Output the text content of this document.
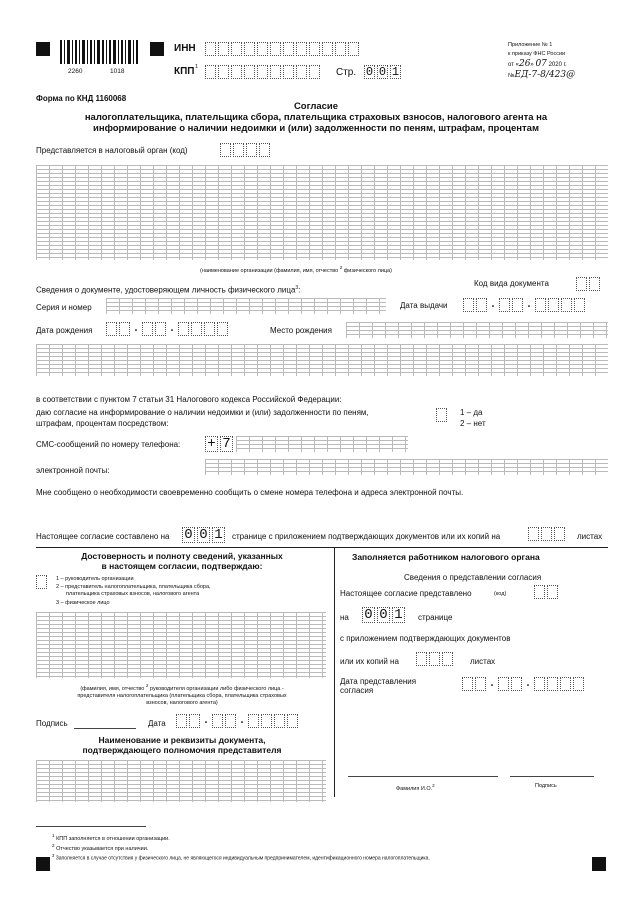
2260	1018
ИНН
КПП 1	Стр. 0 0 1
Приложение № 1
к приказу ФНС России
от «26» 07 2020 г.
№ЕД-7-8/423@
Форма по КНД 1160068
Согласие
налогоплательщика, плательщика сбора, плательщика страховых взносов, налогового агента на
информирование о наличии недоимки и (или) задолженности по пеням, штрафам, процентам
Представляется в налоговый орган (код)
(наименование организации (фамилия, имя, отчество $^2$ физического лица)
Сведения о документе, удостоверяющем личность физического лица$^3$:
Код вида документа
Серия и номер	Дата выдачи	. .
Дата рождения	. .	Место рождения
в соответствии с пунктом 7 статьи 31 Налогового кодекса Российской Федерации:
даю согласие на информирование о наличии недоимки и (или) задолженности по пеням,
штрафам, процентам посредством:
1 – да
2 – нет
СМС-сообщений по номеру телефона: + 7
электронной почты:
Мне сообщено о необходимости своевременно сообщить о смене номера телефона и адреса электронной почты.
Настоящее согласие составлено на 0 0 1 странице с приложением подтверждающих документов или их копий на	листах
Достоверность и полноту сведений, указанных
в настоящем согласии, подтверждаю:
1 – руководитель организации
2 – представитель налогоплательщика, плательщика сбора,
плательщика страховых взносов, налогового агента
3 – физическое лицо
(фамилия, имя, отчество $^2$ руководителя организации либо физического лица -
представителя налогоплательщика (плательщика сбора, плательщика страховых
взносов, налогового агента)
Подпись	Дата	. .
Наименование и реквизиты документа,
подтверждающего полномочия представителя
Заполняется работником налогового органа
Сведения о представлении согласия
Настоящее согласие представлено	(код)
на 0 0 1 странице
с приложением подтверждающих документов
или их копий на	листах
Дата представления
согласия
. .
Фамилия И.О.$^2$	Подпись
$^1$ КПП заполняется в отношении организации.
$^2$ Отчество указывается при наличии.
$^3$ Заполняется в случае отсутствия у физического лица, не являющегося индивидуальным предпринимателем, идентификационного номера налогоплательщика.
